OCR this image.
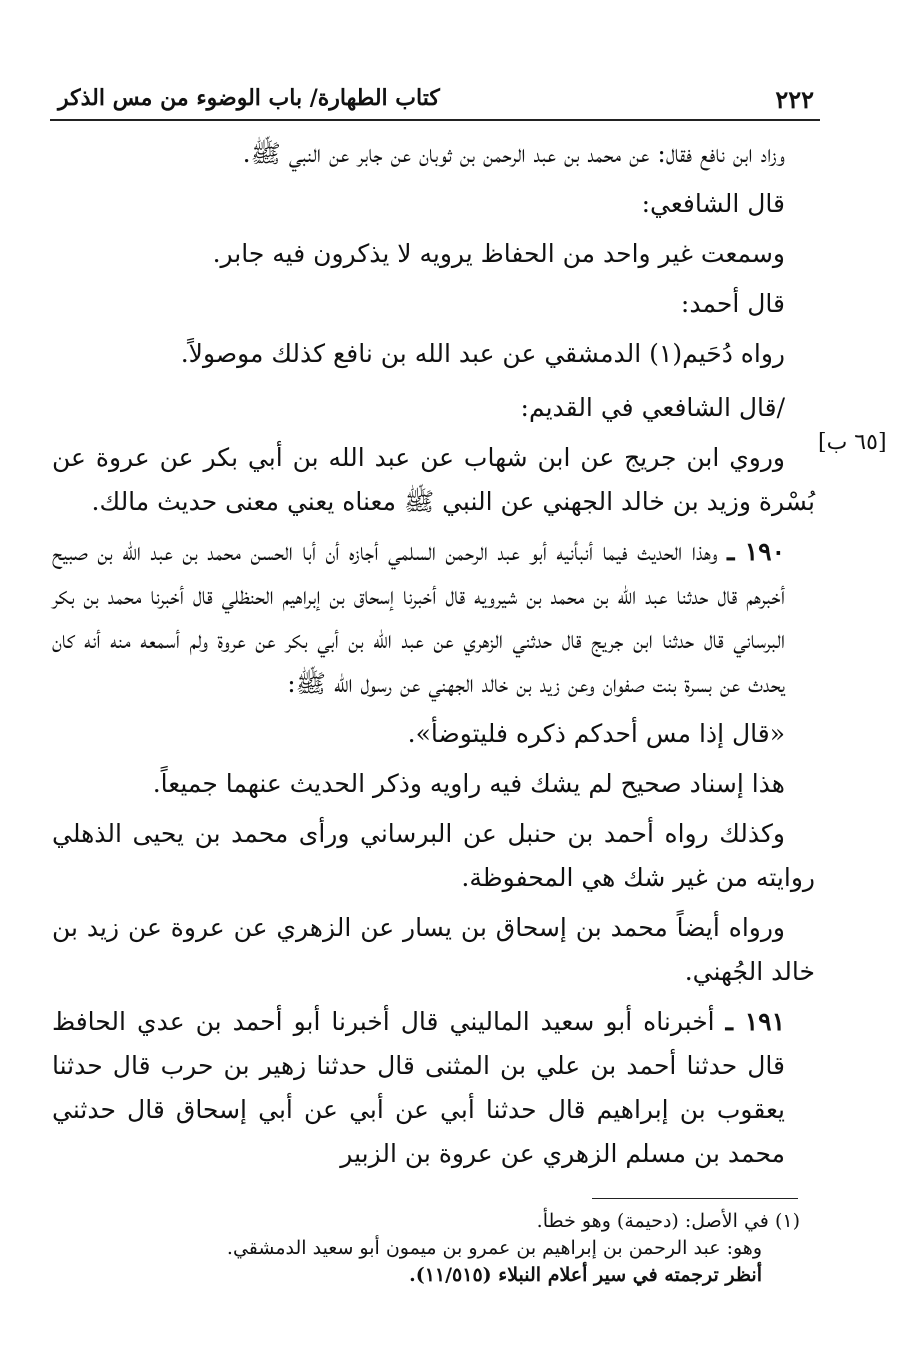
٢٢٢
كتاب الطهارة/ باب الوضوء من مس الذكر
[٦٥ ب]

وزاد ابن نافع فقال: عن محمد بن عبد الرحمن بن ثوبان عن جابر عن النبي ﷺ.

قال الشافعي:

وسمعت غير واحد من الحفاظ يرويه لا يذكرون فيه جابر.

قال أحمد:

رواه دُحَيم(١) الدمشقي عن عبد الله بن نافع كذلك موصولاً.

/قال الشافعي في القديم:

وروي ابن جريج عن ابن شهاب عن عبد الله بن أبي بكر عن عروة عن بُسْرة وزيد بن خالد الجهني عن النبي ﷺ معناه يعني معنى حديث مالك.

١٩٠ ـ وهذا الحديث فيما أنبأنيه أبو عبد الرحمن السلمي أجازه أن أبا الحسن محمد بن عبد الله بن صبيح أخبرهم قال حدثنا عبد الله بن محمد بن شيرويه قال أخبرنا إسحاق بن إبراهيم الحنظلي قال أخبرنا محمد بن بكر البرساني قال حدثنا ابن جريج قال حدثني الزهري عن عبد الله بن أبي بكر عن عروة ولم أسمعه منه أنه كان يحدث عن بسرة بنت صفوان وعن زيد بن خالد الجهني عن رسول الله ﷺ:

«قال إذا مس أحدكم ذكره فليتوضأ».

هذا إسناد صحيح لم يشك فيه راويه وذكر الحديث عنهما جميعاً.

وكذلك رواه أحمد بن حنبل عن البرساني ورأى محمد بن يحيى الذهلي روايته من غير شك هي المحفوظة.

ورواه أيضاً محمد بن إسحاق بن يسار عن الزهري عن عروة عن زيد بن خالد الجُهني.

١٩١ ـ أخبرناه أبو سعيد الماليني قال أخبرنا أبو أحمد بن عدي الحافظ قال حدثنا أحمد بن علي بن المثنى قال حدثنا زهير بن حرب قال حدثنا يعقوب بن إبراهيم قال حدثنا أبي عن أبي عن أبي إسحاق قال حدثني محمد بن مسلم الزهري عن عروة بن الزبير

(١) في الأصل: (دحيمة) وهو خطأ.

وهو: عبد الرحمن بن إبراهيم بن عمرو بن ميمون أبو سعيد الدمشقي.

أنظر ترجمته في سير أعلام النبلاء (١١/٥١٥).
